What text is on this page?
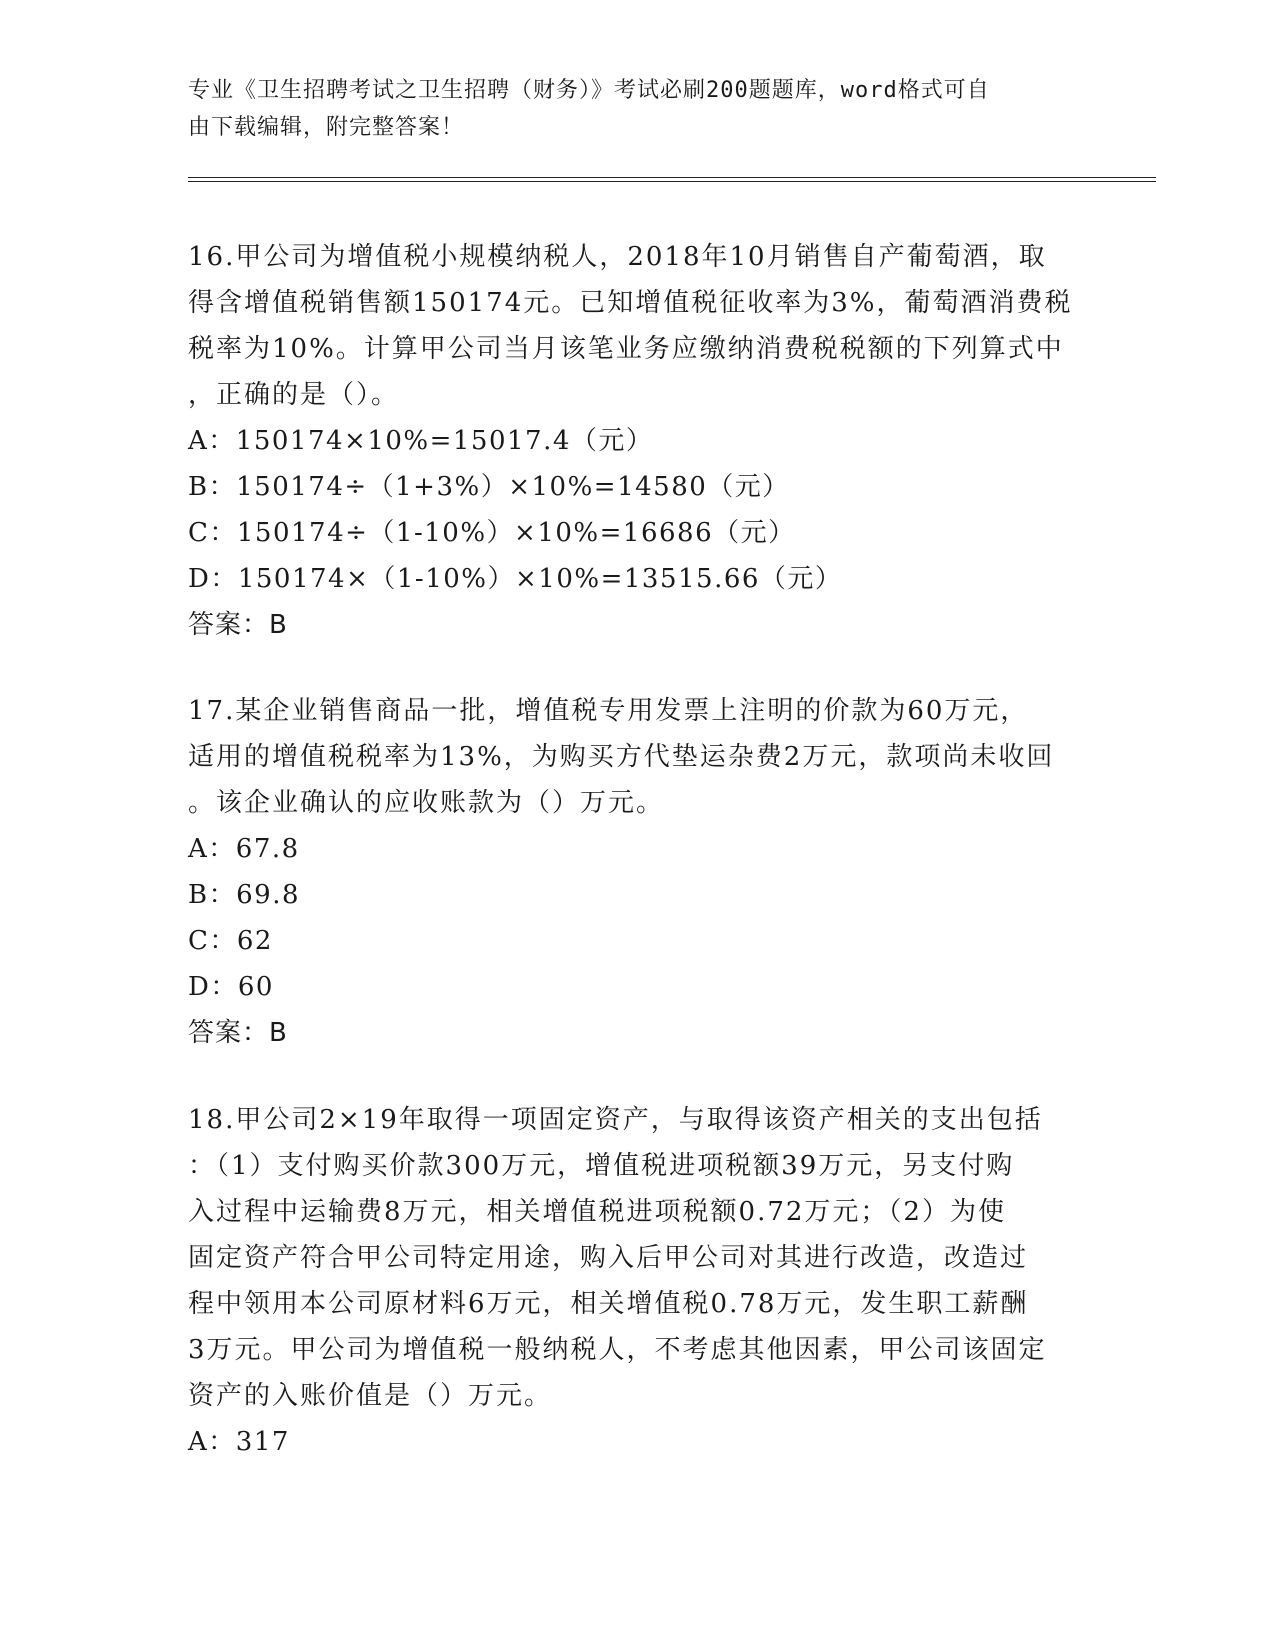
专业《卫生招聘考试之卫生招聘（财务）》考试必刷200题题库，word格式可自
由下载编辑，附完整答案！

16.甲公司为增值税小规模纳税人，2018年10月销售自产葡萄酒，取

得含增值税销售额150174元。已知增值税征收率为3%，葡萄酒消费税

税率为10%。计算甲公司当月该笔业务应缴纳消费税税额的下列算式中

，正确的是（）。

A：150174×10%=15017.4（元）

B：150174÷（1+3%）×10%=14580（元）

C：150174÷（1-10%）×10%=16686（元）

D：150174×（1-10%）×10%=13515.66（元）

答案：B

17.某企业销售商品一批，增值税专用发票上注明的价款为60万元，

适用的增值税税率为13%，为购买方代垫运杂费2万元，款项尚未收回

。该企业确认的应收账款为（）万元。

A：67.8

B：69.8

C：62

D：60

答案：B

18.甲公司2×19年取得一项固定资产，与取得该资产相关的支出包括

：（1）支付购买价款300万元，增值税进项税额39万元，另支付购

入过程中运输费8万元，相关增值税进项税额0.72万元；（2）为使

固定资产符合甲公司特定用途，购入后甲公司对其进行改造，改造过

程中领用本公司原材料6万元，相关增值税0.78万元，发生职工薪酬

3万元。甲公司为增值税一般纳税人，不考虑其他因素，甲公司该固定

资产的入账价值是（）万元。

A：317
